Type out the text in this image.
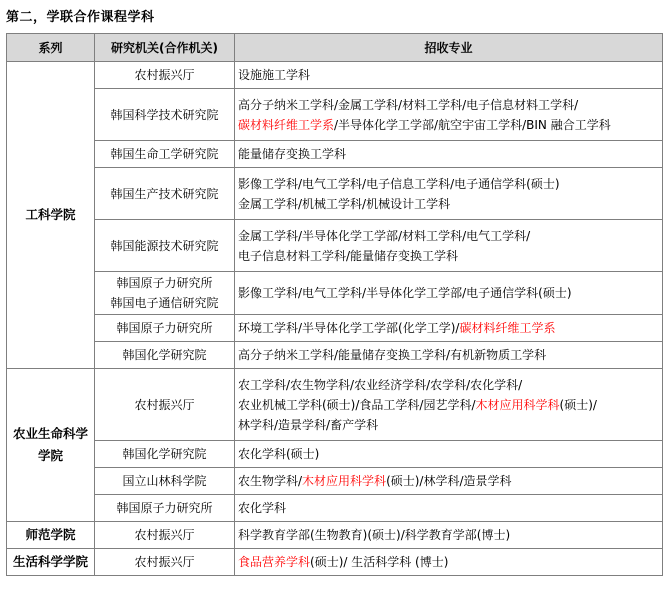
第二，学联合作课程学科
系列	研究机关(合作机关)	招收专业
工科学院	农村振兴厅	设施施工学科

	韩国科学技术研究院	高分子纳米工学科/金属工学科/材料工学科/电子信息材料工学科/
碳材料纤维工学系/半导体化学工学部/航空宇宙工学科/BIN 融合工学科

	韩国生命工学研究院	能量储存变换工学科

	韩国生产技术研究院	影像工学科/电气工学科/电子信息工学科/电子通信学科(硕士)
金属工学科/机械工学科/机械设计工学科

	韩国能源技术研究院	金属工学科/半导体化学工学部/材料工学科/电气工学科/
电子信息材料工学科/能量储存变换工学科

	韩国原子力研究所
韩国电子通信研究院	影像工学科/电气工学科/半导体化学工学部/电子通信学科(硕士)

	韩国原子力研究所	环境工学科/半导体化学工学部(化学工学)/碳材料纤维工学系

	韩国化学研究院	高分子纳米工学科/能量储存变换工学科/有机新物质工学科

农业生命科学学院	农村振兴厅	农工学科/农生物学科/农业经济学科/农学科/农化学科/
农业机械工学科(硕士)/食品工学科/园艺学科/木材应用科学科(硕士)/
林学科/造景学科/畜产学科

	韩国化学研究院	农化学科(硕士)

	国立山林科学院	农生物学科/木材应用科学科(硕士)/林学科/造景学科

	韩国原子力研究所	农化学科

师范学院	农村振兴厅	科学教育学部(生物教育)(硕士)/科学教育学部(博士)

生活科学学院	农村振兴厅	食品营养学科(硕士)/ 生活科学科 (博士)
